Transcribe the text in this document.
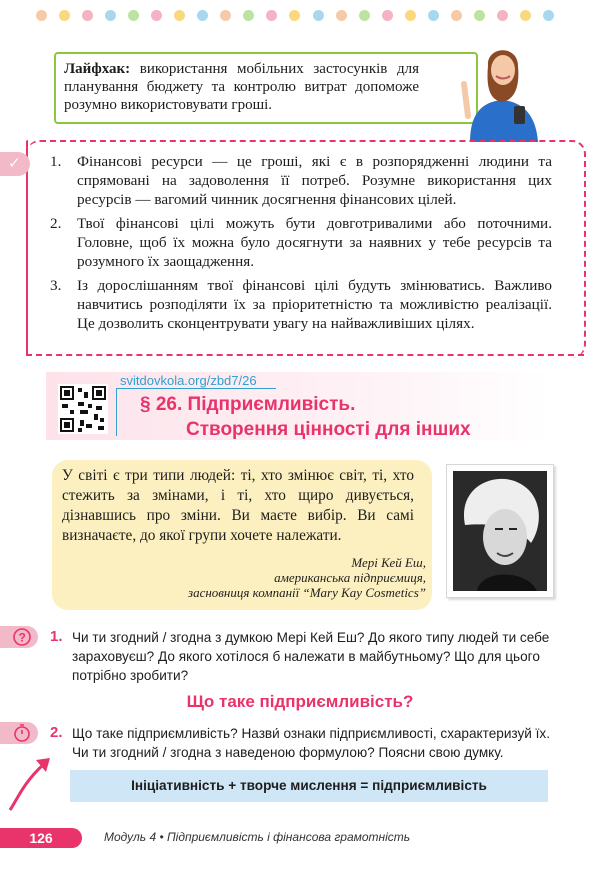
Лайфхак: використання мобільних застосунків для планування бюджету та контролю витрат допоможе розумно використовувати гроші.
✓ 1. Фінансові ресурси — це гроші, які є в розпорядженні людини та спрямовані на задоволення її потреб. Розумне використання цих ресурсів — вагомий чинник досягнення фінансових цілей.
2. Твої фінансові цілі можуть бути довготривалими або поточними. Головне, щоб їх можна було досягнути за наявних у тебе ресурсів та розумного їх заощадження.
3. Із дорослішанням твої фінансові цілі будуть змінюватись. Важливо навчитись розподіляти їх за пріоритетністю та можливістю реалізації. Це дозволить сконцентрувати увагу на найважливіших цілях.
svitdovkola.org/zbd7/26
§ 26. Підприємливість.
Створення цінності для інших
У світі є три типи людей: ті, хто змінює світ, ті, хто стежить за змінами, і ті, хто щиро дивується, дізнавшись про зміни. Ви маєте вибір. Ви самі визначаєте, до якої групи хочете належати.
Мері Кей Еш,
американська підприємиця,
засновниця компанії “Mary Kay Cosmetics”
? 1. Чи ти згодний / згодна з думкою Мері Кей Еш? До якого типу людей ти себе зараховуєш? До якого хотілося б належати в майбутньому? Що для цього потрібно зробити?
Що таке підприємливість?
2. Що таке підприємливість? Назви́ ознаки підприємливості, схарактеризуй їх. Чи ти згодний / згодна з наведеною формулою? Поясни свою думку.
Ініціативність + творче мислення = підприємливість
126	Модуль 4 • Підприємливість і фінансова грамотність
